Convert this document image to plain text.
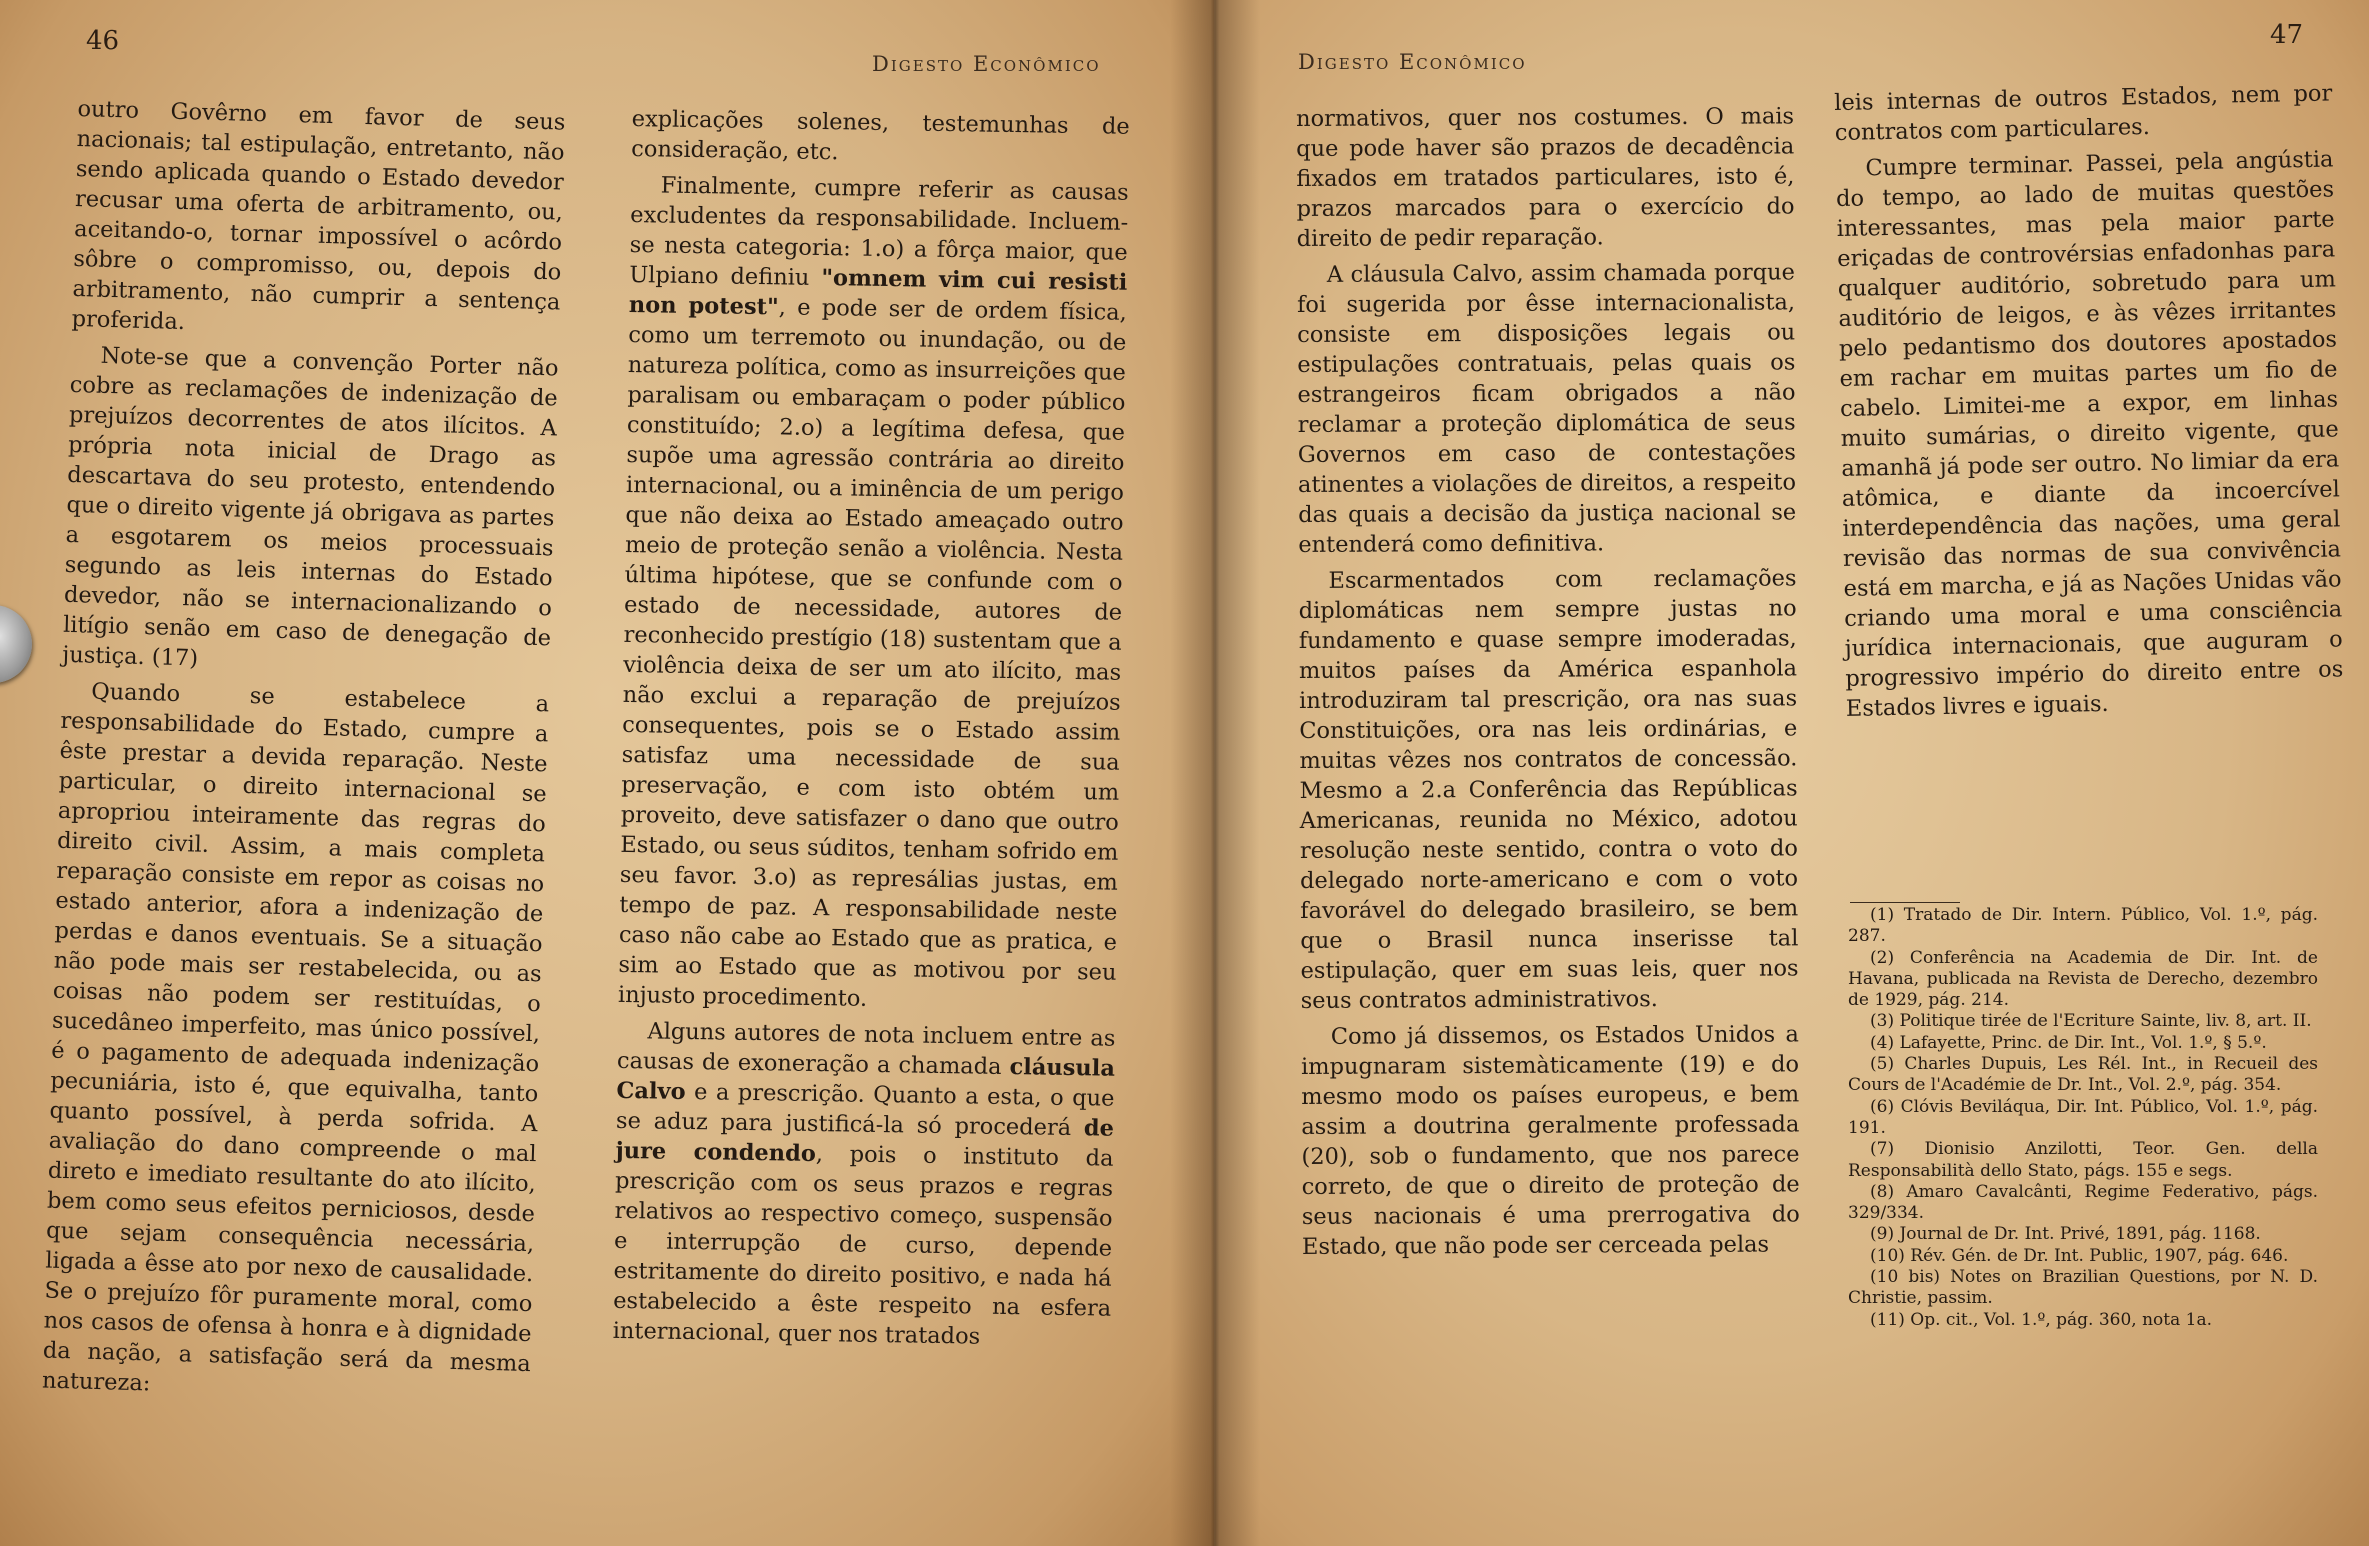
46
Digesto Econômico

outro Govêrno em favor de seus nacionais; tal estipulação, entretanto, não sendo aplicada quando o Estado devedor recusar uma oferta de arbitramento, ou, aceitando-o, tornar impossível o acôrdo sôbre o compromisso, ou, depois do arbitramento, não cumprir a sentença proferida.

Note-se que a convenção Porter não cobre as reclamações de indenização de prejuízos decorrentes de atos ilícitos. A própria nota inicial de Drago as descartava do seu protesto, entendendo que o direito vigente já obrigava as partes a esgotarem os meios processuais segundo as leis internas do Estado devedor, não se internacionalizando o litígio senão em caso de denegação de justiça. (17)

Quando se estabelece a responsabilidade do Estado, cumpre a êste prestar a devida reparação. Neste particular, o direito internacional se apropriou inteiramente das regras do direito civil. Assim, a mais completa reparação consiste em repor as coisas no estado anterior, afora a indenização de perdas e danos eventuais. Se a situação não pode mais ser restabelecida, ou as coisas não podem ser restituídas, o sucedâneo imperfeito, mas único possível, é o pagamento de adequada indenização pecuniária, isto é, que equivalha, tanto quanto possível, à perda sofrida. A avaliação do dano compreende o mal direto e imediato resultante do ato ilícito, bem como seus efeitos perniciosos, desde que sejam consequência necessária, ligada a êsse ato por nexo de causalidade. Se o prejuízo fôr puramente moral, como nos casos de ofensa à honra e à dignidade da nação, a satisfação será da mesma natureza:

explicações solenes, testemunhas de consideração, etc.

Finalmente, cumpre referir as causas excludentes da responsabilidade. Incluem-se nesta categoria: 1.o) a fôrça maior, que Ulpiano definiu "omnem vim cui resisti non potest", e pode ser de ordem física, como um terremoto ou inundação, ou de natureza política, como as insurreições que paralisam ou embaraçam o poder público constituído; 2.o) a legítima defesa, que supõe uma agressão contrária ao direito internacional, ou a iminência de um perigo que não deixa ao Estado ameaçado outro meio de proteção senão a violência. Nesta última hipótese, que se confunde com o estado de necessidade, autores de reconhecido prestígio (18) sustentam que a violência deixa de ser um ato ilícito, mas não exclui a reparação de prejuízos consequentes, pois se o Estado assim satisfaz uma necessidade de sua preservação, e com isto obtém um proveito, deve satisfazer o dano que outro Estado, ou seus súditos, tenham sofrido em seu favor. 3.o) as represálias justas, em tempo de paz. A responsabilidade neste caso não cabe ao Estado que as pratica, e sim ao Estado que as motivou por seu injusto procedimento.

Alguns autores de nota incluem entre as causas de exoneração a chamada cláusula Calvo e a prescrição. Quanto a esta, o que se aduz para justificá-la só procederá de jure condendo, pois o instituto da prescrição com os seus prazos e regras relativos ao respectivo começo, suspensão e interrupção de curso, depende estritamente do direito positivo, e nada há estabelecido a êste respeito na esfera internacional, quer nos tratados

47
Digesto Econômico

normativos, quer nos costumes. O mais que pode haver são prazos de decadência fixados em tratados particulares, isto é, prazos marcados para o exercício do direito de pedir reparação.

A cláusula Calvo, assim chamada porque foi sugerida por êsse internacionalista, consiste em disposições legais ou estipulações contratuais, pelas quais os estrangeiros ficam obrigados a não reclamar a proteção diplomática de seus Governos em caso de contestações atinentes a violações de direitos, a respeito das quais a decisão da justiça nacional se entenderá como definitiva.

Escarmentados com reclamações diplomáticas nem sempre justas no fundamento e quase sempre imoderadas, muitos países da América espanhola introduziram tal prescrição, ora nas suas Constituições, ora nas leis ordinárias, e muitas vêzes nos contratos de concessão. Mesmo a 2.a Conferência das Repúblicas Americanas, reunida no México, adotou resolução neste sentido, contra o voto do delegado norte-americano e com o voto favorável do delegado brasileiro, se bem que o Brasil nunca inserisse tal estipulação, quer em suas leis, quer nos seus contratos administrativos.

Como já dissemos, os Estados Unidos a impugnaram sistemàticamente (19) e do mesmo modo os países europeus, e bem assim a doutrina geralmente professada (20), sob o fundamento, que nos parece correto, de que o direito de proteção de seus nacionais é uma prerrogativa do Estado, que não pode ser cerceada pelas

leis internas de outros Estados, nem por contratos com particulares.

Cumpre terminar. Passei, pela angústia do tempo, ao lado de muitas questões interessantes, mas pela maior parte eriçadas de controvérsias enfadonhas para qualquer auditório, sobretudo para um auditório de leigos, e às vêzes irritantes pelo pedantismo dos doutores apostados em rachar em muitas partes um fio de cabelo. Limitei-me a expor, em linhas muito sumárias, o direito vigente, que amanhã já pode ser outro. No limiar da era atômica, e diante da incoercível interdependência das nações, uma geral revisão das normas de sua convivência está em marcha, e já as Nações Unidas vão criando uma moral e uma consciência jurídica internacionais, que auguram o progressivo império do direito entre os Estados livres e iguais.

(1) Tratado de Dir. Intern. Público, Vol. 1.º, pág. 287.
(2) Conferência na Academia de Dir. Int. de Havana, publicada na Revista de Derecho, dezembro de 1929, pág. 214.
(3) Politique tirée de l'Ecriture Sainte, liv. 8, art. II.
(4) Lafayette, Princ. de Dir. Int., Vol. 1.º, § 5.º.
(5) Charles Dupuis, Les Rél. Int., in Recueil des Cours de l'Académie de Dr. Int., Vol. 2.º, pág. 354.
(6) Clóvis Beviláqua, Dir. Int. Público, Vol. 1.º, pág. 191.
(7) Dionisio Anzilotti, Teor. Gen. della Responsabilità dello Stato, págs. 155 e segs.
(8) Amaro Cavalcânti, Regime Federativo, págs. 329/334.
(9) Journal de Dr. Int. Privé, 1891, pág. 1168.
(10) Rév. Gén. de Dr. Int. Public, 1907, pág. 646.
(10 bis) Notes on Brazilian Questions, por N. D. Christie, passim.
(11) Op. cit., Vol. 1.º, pág. 360, nota 1a.
